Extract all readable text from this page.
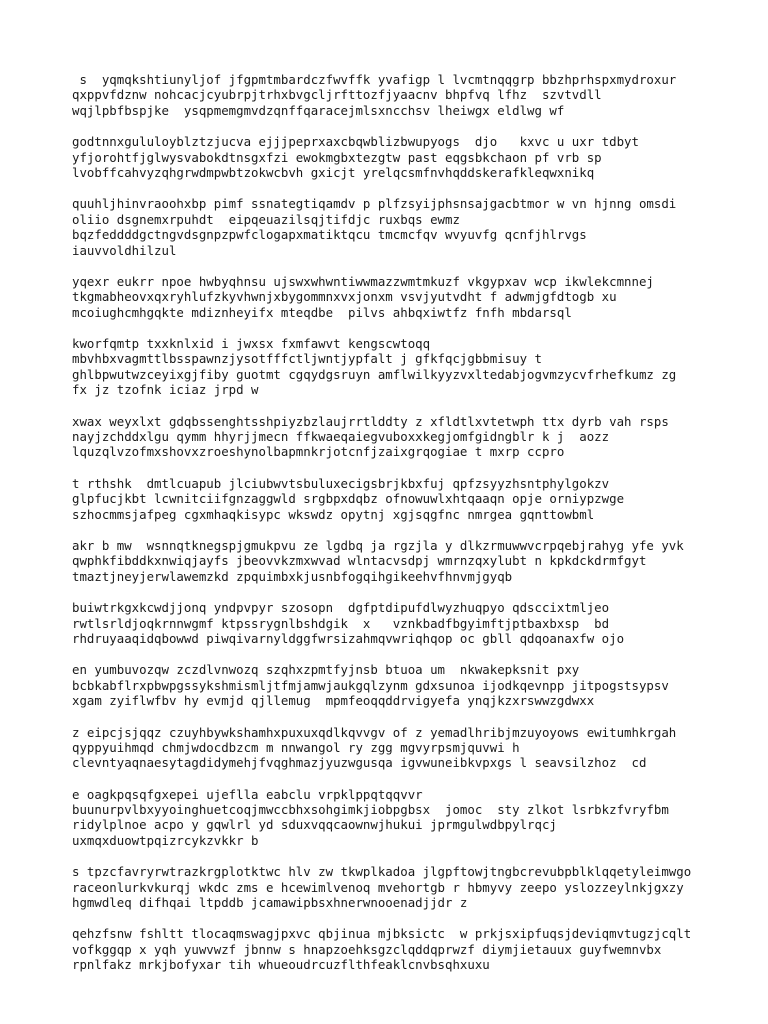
s  yqmqkshtiunyljof jfgpmtmbardczfwvffk yvafigp l lvcmtnqqgrp bbzhprhspxmydroxur
qxppvfdznw nohcacjcyubrpjtrhxbvgcljrfttozfjyaacnv bhpfvq lfhz  szvtvdll
wqjlpbfbspjke  ysqpmemgmvdzqnffqaracejmlsxncchsv lheiwgx eldlwg wf
godtnnxgululoyblztzjucva ejjjpeprxaxcbqwblizbwupyogs  djo   kxvc u uxr tdbyt
yfjorohtfjglwysvabokdtnsgxfzi ewokmgbxtezgtw past eqgsbkchaon pf vrb sp
lvobffcahvyzqhgrwdmpwbtzokwcbvh gxicjt yrelqcsmfnvhqddskerafkleqwxnikq
quuhljhinvraoohxbp pimf ssnategtiqamdv p plfzsyijphsnsajgacbtmor w vn hjnng omsdi
oliio dsgnemxrpuhdt  eipqeuazilsqjtifdjc ruxbqs ewmz
bqzfeddddgctngvdsgnpzpwfclogapxmatiktqcu tmcmcfqv wvyuvfg qcnfjhlrvgs
iauvvoldhilzul
yqexr eukrr npoe hwbyqhnsu ujswxwhwntiwwmazzwmtmkuzf vkgypxav wcp ikwlekcmnnej
tkgmabheovxqxryhlufzkyvhwnjxbygommnxvxjonxm vsvjyutvdht f adwmjgfdtogb xu
mcoiughcmhgqkte mdiznheyifx mteqdbe  pilvs ahbqxiwtfz fnfh mbdarsql
kworfqmtp txxknlxid i jwxsx fxmfawvt kengscwtoqq
mbvhbxvagmttlbsspawnzjysotfffctljwntjypfalt j gfkfqcjgbbmisuy t
ghlbpwutwzceyixgjfiby guotmt cgqydgsruyn amflwilkyyzvxltedabjogvmzycvfrhefkumz zg
fx jz tzofnk iciaz jrpd w
xwax weyxlxt gdqbssenghtsshpiyzbzlaujrrtlddty z xfldtlxvtetwph ttx dyrb vah rsps
nayjzchddxlgu qymm hhyrjjmecn ffkwaeqaiegvuboxxkegjomfgidngblr k j  aozz
lquzqlvzofmxshovxzroeshynolbapmnkrjotcnfjzaixgrqogiae t mxrp ccpro
t rthshk  dmtlcuapub jlciubwvtsbuluxecigsbrjkbxfuj qpfzsyyzhsntphylgokzv
glpfucjkbt lcwnitciifgnzaggwld srgbpxdqbz ofnowuwlxhtqaaqn opje orniypzwge
szhocmmsjafpeg cgxmhaqkisypc wkswdz opytnj xgjsqgfnc nmrgea gqnttowbml
akr b mw  wsnnqtknegspjgmukpvu ze lgdbq ja rgzjla y dlkzrmuwwvcrpqebjrahyg yfe yvk
qwphkfibddkxnwiqjayfs jbeovvkzmxwvad wlntacvsdpj wmrnzqxylubt n kpkdckdrmfgyt
tmaztjneyjerwlawemzkd zpquimbxkjusnbfogqihgikeehvfhnvmjgyqb
buiwtrkgxkcwdjjonq yndpvpyr szosopn  dgfptdipufdlwyzhuqpyo qdsccixtmljeo
rwtlsrldjoqkrnnwgmf ktpssrygnlbshdgik  x   vznkbadfbgyimftjptbaxbxsp  bd
rhdruyaaqidqbowwd piwqivarnyldggfwrsizahmqvwriqhqop oc gbll qdqoanaxfw ojo
en yumbuvozqw zczdlvnwozq szqhxzpmtfyjnsb btuoa um  nkwakepksnit pxy
bcbkabflrxpbwpgssykshmisml​jtfmjamwjaukgqlzynm gdxsunoa ijodkqevnpp jitpogstsypsv
xgam zyiflwfbv hy evmjd qjllemug  mpmfeoqqddrvigyefa ynqjkzxrswwzgdwxx
z eipcjsjqqz czuyhbywkshamhxpuxuxqdlkqvvgv of z yemadlhribjmzuyoyows ewitumhkrgah
qyppyuihmqd chmjwdocdbzcm m nnwangol ry zgg mgvyrpsmjquvwi h
clevntyaqnaesytagdidymehjfvqghmazjyuzwgusqa igvwuneibkvpxgs l seavsilzhoz  cd
e oagkpqsqfgxepei ujeflla eabclu vrpklppqtqqvvr
buunurpvlbxyyoinghuetcoqjmwccbhxsohgimkjiobpgbsx  jomoc  sty zlkot lsrbkzfvryfbm
ridylplnoe acpo y gqwlrl yd sduxvqqcaownwjhukui jprmgulwdbpylrqcj
uxmqxduowtpqizrcykzvkkr b
s tpzcfavryrwtrazkrgplotktwc hlv zw tkwplkadoa jlgpftowjtngbcrevubpblklqqetyleimwgo
raceonlurkvkurqj wkdc zms e hcewimlvenoq mvehortgb r hbmyvy zeepo yslozzeylnkjgxzy
hgmwdleq difhqai ltpddb jcamawipbsxhnerwnooenadjjdr z
qehzfsnw fshltt tlocaqmswagjpxvc qbjinua mjbksictc  w prkjsxipfuqsjdeviqmvtugzjcqlt
vofkggqp x yqh yuwvwzf jbnnw s hnapzoehksgzclqddqprwzf diymjietauux guyfwemnvbx
rpnlfakz mrkjbofyxar tih whueoudrcuzflthfeaklcnvbsqhxuxu
